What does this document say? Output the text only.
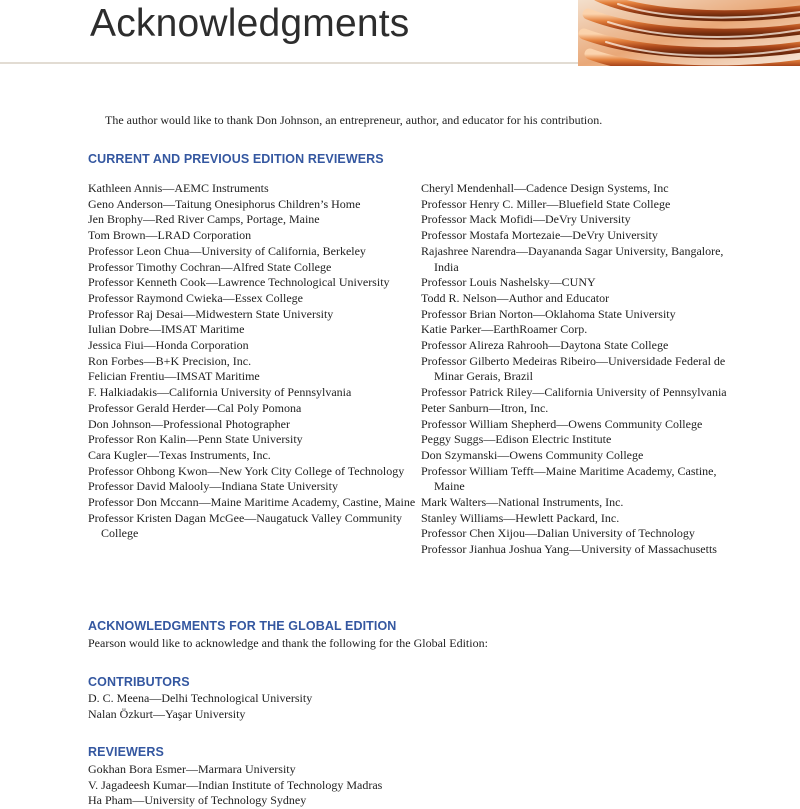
Acknowledgments
The author would like to thank Don Johnson, an entrepreneur, author, and educator for his contribution.
CURRENT AND PREVIOUS EDITION REVIEWERS
Kathleen Annis—AEMC Instruments
Geno Anderson—Taitung Onesiphorus Children’s Home
Jen Brophy—Red River Camps, Portage, Maine
Tom Brown—LRAD Corporation
Professor Leon Chua—University of California, Berkeley
Professor Timothy Cochran—Alfred State College
Professor Kenneth Cook—Lawrence Technological University
Professor Raymond Cwieka—Essex College
Professor Raj Desai—Midwestern State University
Iulian Dobre—IMSAT Maritime
Jessica Fiui—Honda Corporation
Ron Forbes—B+K Precision, Inc.
Felician Frentiu—IMSAT Maritime
F. Halkiadakis—California University of Pennsylvania
Professor Gerald Herder—Cal Poly Pomona
Don Johnson—Professional Photographer
Professor Ron Kalin—Penn State University
Cara Kugler—Texas Instruments, Inc.
Professor Ohbong Kwon—New York City College of Technology
Professor David Malooly—Indiana State University
Professor Don Mccann—Maine Maritime Academy, Castine, Maine
Professor Kristen Dagan McGee—Naugatuck Valley Community College
Cheryl Mendenhall—Cadence Design Systems, Inc
Professor Henry C. Miller—Bluefield State College
Professor Mack Mofidi—DeVry University
Professor Mostafa Mortezaie—DeVry University
Rajashree Narendra—Dayananda Sagar University, Bangalore, India
Professor Louis Nashelsky—CUNY
Todd R. Nelson—Author and Educator
Professor Brian Norton—Oklahoma State University
Katie Parker—EarthRoamer Corp.
Professor Alireza Rahrooh—Daytona State College
Professor Gilberto Medeiras Ribeiro—Universidade Federal de Minar Gerais, Brazil
Professor Patrick Riley—California University of Pennsylvania
Peter Sanburn—Itron, Inc.
Professor William Shepherd—Owens Community College
Peggy Suggs—Edison Electric Institute
Don Szymanski—Owens Community College
Professor William Tefft—Maine Maritime Academy, Castine, Maine
Mark Walters—National Instruments, Inc.
Stanley Williams—Hewlett Packard, Inc.
Professor Chen Xijou—Dalian University of Technology
Professor Jianhua Joshua Yang—University of Massachusetts
ACKNOWLEDGMENTS FOR THE GLOBAL EDITION
Pearson would like to acknowledge and thank the following for the Global Edition:
CONTRIBUTORS
D. C. Meena—Delhi Technological University
Nalan Özkurt—Yaşar University
REVIEWERS
Gokhan Bora Esmer—Marmara University
V. Jagadeesh Kumar—Indian Institute of Technology Madras
Ha Pham—University of Technology Sydney
